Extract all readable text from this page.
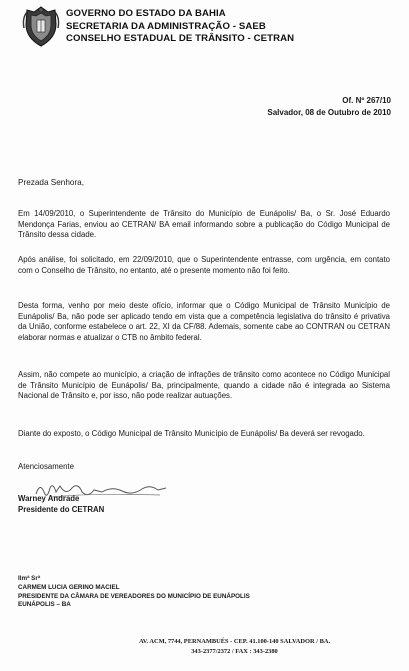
GOVERNO DO ESTADO DA BAHIA
SECRETARIA DA ADMINISTRAÇÃO - SAEB
CONSELHO ESTADUAL DE TRÂNSITO - CETRAN
Of. Nº 267/10
Salvador, 08 de Outubro de 2010
Prezada Senhora,
Em 14/09/2010, o Superintendente de Trânsito do Município de Eunápolis/ Ba, o Sr. José Eduardo Mendonça Farias, enviou ao CETRAN/ BA email informando sobre a publicação do Código Municipal de Trânsito dessa cidade.
Após análise, foi solicitado, em 22/09/2010, que o Superintendente entrasse, com urgência, em contato com o Conselho de Trânsito, no entanto, até o presente momento não foi feito.
Desta forma, venho por meio deste ofício, informar que o Código Municipal de Trânsito Município de Eunápolis/ Ba, não pode ser aplicado tendo em vista que a competência legislativa do trânsito é privativa da União, conforme estabelece o art. 22, XI da CF/88. Ademais, somente cabe ao CONTRAN ou CETRAN elaborar normas e atualizar o CTB no âmbito federal.
Assim, não compete ao município, a criação de infrações de trânsito como acontece no Código Municipal de Trânsito Município de Eunápolis/ Ba, principalmente, quando a cidade não é integrada ao Sistema Nacional de Trânsito e, por isso, não pode realizar autuações.
Diante do exposto, o Código Municipal de Trânsito Município de Eunápolis/ Ba deverá ser revogado.
Atenciosamente
Warney Andrade
Presidente do CETRAN
Ilmª Srª
CARMEM LUCIA GERINO MACIEL
PRESIDENTE DA CÂMARA DE VEREADORES DO MUNICÍPIO DE EUNÁPOLIS
EUNÁPOLIS – BA
AV. ACM, 7744, PERNAMBUÉS - CEP. 41.100-140 SALVADOR / BA.
343-2377/2372 / FAX : 343-2380
